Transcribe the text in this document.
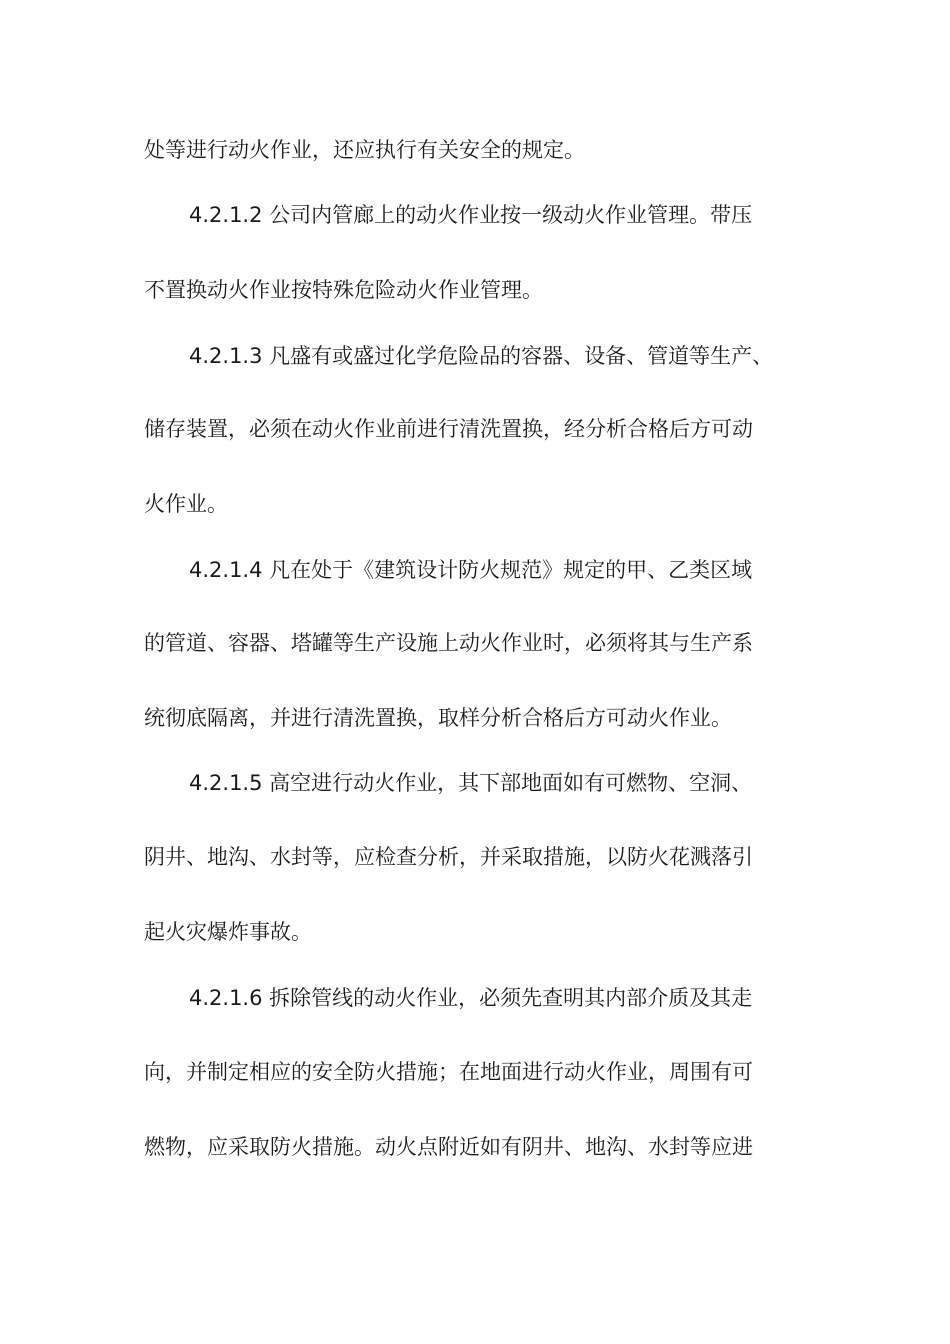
处等进行动火作业，还应执行有关安全的规定。
4.2.1.2 公司内管廊上的动火作业按一级动火作业管理。带压
不置换动火作业按特殊危险动火作业管理。
4.2.1.3 凡盛有或盛过化学危险品的容器、设备、管道等生产、
储存装置，必须在动火作业前进行清洗置换，经分析合格后方可动
火作业。
4.2.1.4 凡在处于《建筑设计防火规范》规定的甲、乙类区域
的管道、容器、塔罐等生产设施上动火作业时，必须将其与生产系
统彻底隔离，并进行清洗置换，取样分析合格后方可动火作业。
4.2.1.5 高空进行动火作业，其下部地面如有可燃物、空洞、
阴井、地沟、水封等，应检查分析，并采取措施，以防火花溅落引
起火灾爆炸事故。
4.2.1.6 拆除管线的动火作业，必须先查明其内部介质及其走
向，并制定相应的安全防火措施；在地面进行动火作业，周围有可
燃物，应采取防火措施。动火点附近如有阴井、地沟、水封等应进
